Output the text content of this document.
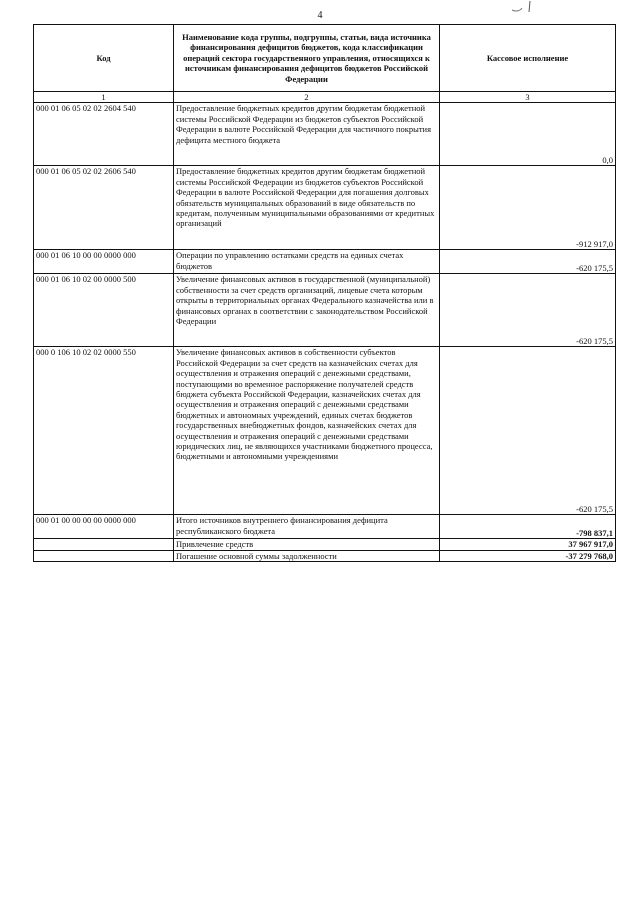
4
Код	Наименование кода группы, подгруппы, статьи, вида источника финансирования дефицитов бюджетов, кода классификации операций сектора государственного управления, относящихся к источникам финансирования дефицитов бюджетов Российской Федерации	Кассовое исполнение
1	2	3
000 01 06 05 02 02 2604 540	Предоставление бюджетных кредитов другим бюджетам бюджетной системы Российской Федерации из бюджетов субъектов Российской Федерации в валюте Российской Федерации для частичного покрытия дефицита местного бюджета	0,0
000 01 06 05 02 02 2606 540	Предоставление бюджетных кредитов другим бюджетам бюджетной системы Российской Федерации из бюджетов субъектов Российской Федерации в валюте Российской Федерации для погашения долговых обязательств муниципальных образований в виде обязательств по кредитам, полученным муниципальными образованиями от кредитных организаций	-912 917,0
000 01 06 10 00 00 0000 000	Операции по управлению остатками средств на единых счетах бюджетов	-620 175,5
000 01 06 10 02 00 0000 500	Увеличение финансовых активов в государственной (муниципальной) собственности за счет средств организаций, лицевые счета которым открыты в территориальных органах Федерального казначейства или в финансовых органах в соответствии с законодательством Российской Федерации	-620 175,5
000 0 106 10 02 02 0000 550	Увеличение финансовых активов в собственности субъектов Российской Федерации за счет средств на казначейских счетах для осуществления и отражения операций с денежными средствами, поступающими во временное распоряжение получателей средств бюджета субъекта Российской Федерации, казначейских счетах для осуществления и отражения операций с денежными средствами бюджетных и автономных учреждений, единых счетах бюджетов государственных внебюджетных фондов, казначейских счетах для осуществления и отражения операций с денежными средствами юридических лиц, не являющихся участниками бюджетного процесса, бюджетными и автономными учреждениями	-620 175,5
000 01 00 00 00 00 0000 000	Итого источников внутреннего финансирования дефицита республиканского бюджета	-798 837,1
	Привлечение средств	37 967 917,0
	Погашение основной суммы задолженности	-37 279 768,0
